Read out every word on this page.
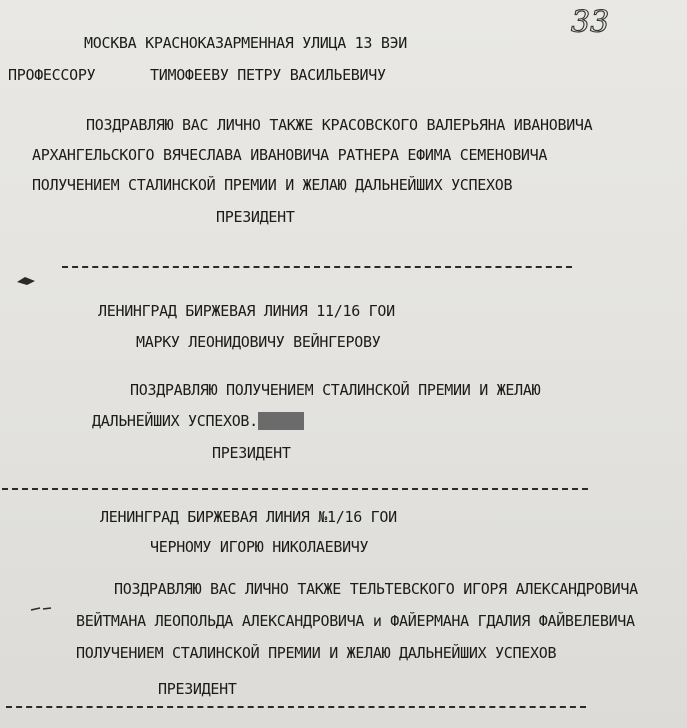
33
МОСКВА КРАСНОКАЗАРМЕННАЯ УЛИЦА 13 ВЭИ
ПРОФЕССОРУ	ТИМОФЕЕВУ ПЕТРУ ВАСИЛЬЕВИЧУ
ПОЗДРАВЛЯЮ ВАС ЛИЧНО ТАКЖЕ КРАСОВСКОГО ВАЛЕРЬЯНА ИВАНОВИЧА
АРХАНГЕЛЬСКОГО ВЯЧЕСЛАВА ИВАНОВИЧА РАТНЕРА ЕФИМА СЕМЕНОВИЧА
ПОЛУЧЕНИЕМ СТАЛИНСКОЙ ПРЕМИИ И ЖЕЛАЮ ДАЛЬНЕЙШИХ УСПЕХОВ
ПРЕЗИДЕНТ
ЛЕНИНГРАД БИРЖЕВАЯ ЛИНИЯ 11/16 ГОИ
МАРКУ ЛЕОНИДОВИЧУ ВЕЙНГЕРОВУ
ПОЗДРАВЛЯЮ ПОЛУЧЕНИЕМ СТАЛИНСКОЙ ПРЕМИИ И ЖЕЛАЮ
ДАЛЬНЕЙШИХ УСПЕХОВ.
ПРЕЗИДЕНТ
ЛЕНИНГРАД БИРЖЕВАЯ ЛИНИЯ №1/16 ГОИ
ЧЕРНОМУ ИГОРЮ НИКОЛАЕВИЧУ
ПОЗДРАВЛЯЮ ВАС ЛИЧНО ТАКЖЕ ТЕЛЬТЕВСКОГО ИГОРЯ АЛЕКСАНДРОВИЧА
ВЕЙТМАНА ЛЕОПОЛЬДА АЛЕКСАНДРОВИЧА и ФАЙЕРМАНА ГДАЛИЯ ФАЙВЕЛЕВИЧА
ПОЛУЧЕНИЕМ СТАЛИНСКОЙ ПРЕМИИ И ЖЕЛАЮ ДАЛЬНЕЙШИХ УСПЕХОВ
ПРЕЗИДЕНТ
